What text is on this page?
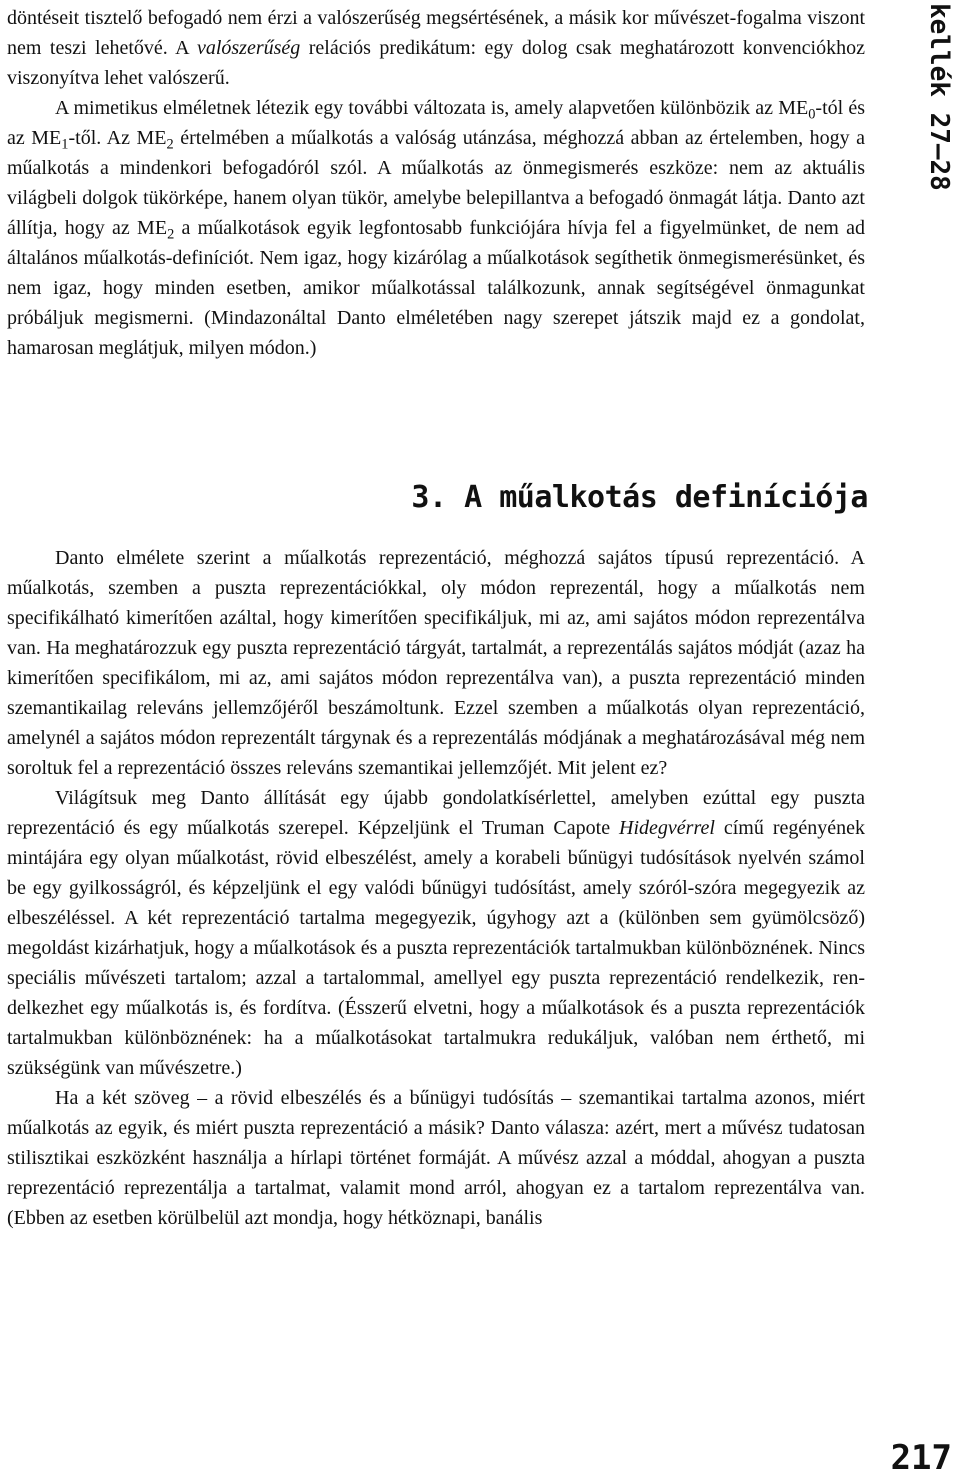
kellék 27–28

döntéseit tisztelő befogadó nem érzi a valószerűség megsértésének, a másik kor művészet-fogalma viszont nem teszi lehetővé. A valószerűség relációs predikátum: egy dolog csak meghatározott konvenciókhoz viszonyítva lehet valószerű.

A mimetikus elméletnek létezik egy további változata is, amely alapvetően különbözik az $ME_0$-tól és az $ME_1$-től. Az $ME_2$ értelmében a műalkotás a valóság utánzása, méghozzá abban az értelemben, hogy a műalkotás a mindenkori befogadóról szól. A műalkotás az önmegismerés eszköze: nem az aktuális világbeli dolgok tükörképe, hanem olyan tükör, amelybe belepillantva a befogadó önmagát látja. Danto azt állítja, hogy az $ME_2$ a műalkotások egyik legfontosabb funkciójára hívja fel a figyelmünket, de nem ad általános műalkotás-definíciót. Nem igaz, hogy kizárólag a műalkotások segíthetik önmegismerésünket, és nem igaz, hogy minden esetben, amikor műalkotással találkozunk, annak segítségével önmagunkat próbáljuk megismerni. (Mindazonáltal Danto elméletében nagy szerepet játszik majd ez a gondolat, hamarosan meglátjuk, milyen módon.)

3. A műalkotás definíciója

Danto elmélete szerint a műalkotás reprezentáció, méghozzá sajátos típusú reprezentáció. A műalkotás, szemben a puszta reprezentációkkal, oly módon reprezentál, hogy a műalkotás nem specifikálható kimerítően azáltal, hogy kimerítően specifikáljuk, mi az, ami sajátos módon reprezentálva van. Ha meghatározzuk egy puszta reprezentáció tárgyát, tartalmát, a reprezentálás sajátos módját (azaz ha kimerítően specifikálom, mi az, ami sajátos módon reprezentálva van), a puszta reprezentáció minden szemantikailag releváns jellemzőjéről beszámoltunk. Ezzel szemben a műalkotás olyan reprezentáció, amelynél a sajátos módon reprezentált tárgynak és a reprezentálás módjának a meghatározásával még nem soroltuk fel a reprezentáció összes releváns szemantikai jellemzőjét. Mit jelent ez?

Világítsuk meg Danto állítását egy újabb gondolatkísérlettel, amelyben ezúttal egy puszta reprezentáció és egy műalkotás szerepel. Képzeljünk el Truman Capote Hidegvérrel című regényének mintájára egy olyan műalkotást, rövid elbeszélést, amely a korabeli bűnügyi tudósítások nyelvén számol be egy gyilkosságról, és képzeljünk el egy valódi bűnügyi tudósítást, amely szóról-szóra megegyezik az elbeszéléssel. A két reprezentáció tartalma megegyezik, úgyhogy azt a (különben sem gyümölcsöző) megoldást kizárhatjuk, hogy a műalkotások és a puszta reprezentációk tartalmukban különböznének. Nincs speciális művészeti tartalom; azzal a tartalommal, amellyel egy puszta reprezentáció rendelkezik, rendelkezhet egy műalkotás is, és fordítva. (Ésszerű elvetni, hogy a műalkotások és a puszta reprezentációk tartalmukban különböznének: ha a műalkotásokat tartalmukra redukáljuk, valóban nem érthető, mi szükségünk van művészetre.)

Ha a két szöveg – a rövid elbeszélés és a bűnügyi tudósítás – szemantikai tartalma azonos, miért műalkotás az egyik, és miért puszta reprezentáció a másik? Danto válasza: azért, mert a művész tudatosan stilisztikai eszközként használja a hírlapi történet formáját. A művész azzal a móddal, ahogyan a puszta reprezentáció reprezentálja a tartalmat, valamit mond arról, ahogyan ez a tartalom reprezentálva van. (Ebben az esetben körülbelül azt mondja, hogy hétköznapi, banális

217
